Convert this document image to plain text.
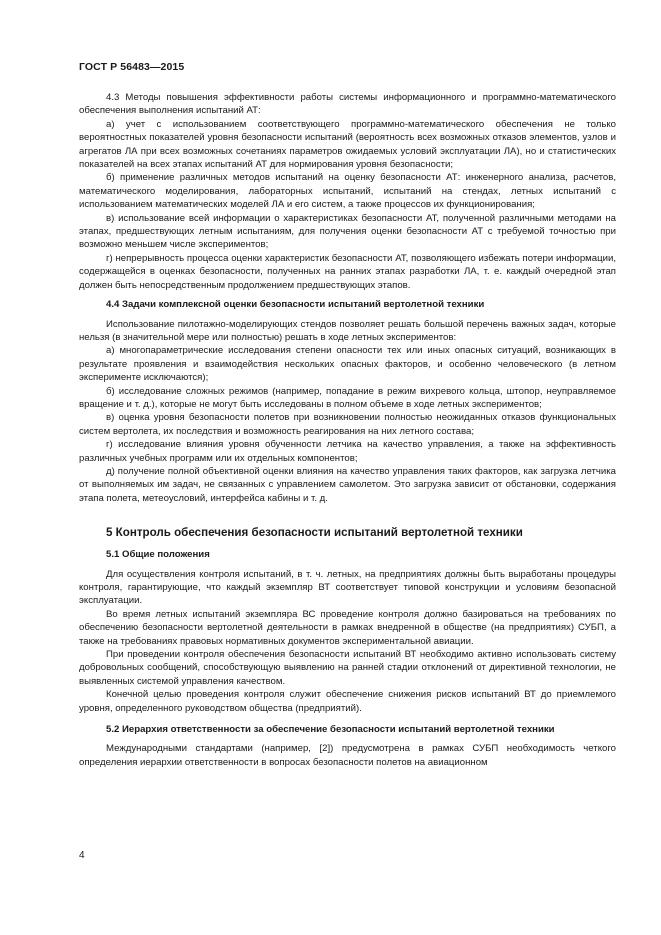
ГОСТ Р 56483—2015

4.3 Методы повышения эффективности работы системы информационного и программно-математического обеспечения выполнения испытаний АТ:

а) учет с использованием соответствующего программно-математического обеспечения не только вероятностных показателей уровня безопасности испытаний (вероятность всех возможных отказов элементов, узлов и агрегатов ЛА при всех возможных сочетаниях параметров ожидаемых условий эксплуатации ЛА), но и статистических показателей на всех этапах испытаний АТ для нормирования уровня безопасности;

б) применение различных методов испытаний на оценку безопасности АТ: инженерного анализа, расчетов, математического моделирования, лабораторных испытаний, испытаний на стендах, летных испытаний с использованием математических моделей ЛА и его систем, а также процессов их функционирования;

в) использование всей информации о характеристиках безопасности АТ, полученной различными методами на этапах, предшествующих летным испытаниям, для получения оценки безопасности АТ с требуемой точностью при возможно меньшем числе экспериментов;

г) непрерывность процесса оценки характеристик безопасности АТ, позволяющего избежать потери информации, содержащейся в оценках безопасности, полученных на ранних этапах разработки ЛА, т. е. каждый очередной этап должен быть непосредственным продолжением предшествующих этапов.

4.4 Задачи комплексной оценки безопасности испытаний вертолетной техники

Использование пилотажно-моделирующих стендов позволяет решать большой перечень важных задач, которые нельзя (в значительной мере или полностью) решать в ходе летных экспериментов:

а) многопараметрические исследования степени опасности тех или иных опасных ситуаций, возникающих в результате проявления и взаимодействия нескольких опасных факторов, и особенно человеческого (в летном эксперименте исключаются);

б) исследование сложных режимов (например, попадание в режим вихревого кольца, штопор, неуправляемое вращение и т. д.), которые не могут быть исследованы в полном объеме в ходе летных экспериментов;

в) оценка уровня безопасности полетов при возникновении полностью неожиданных отказов функциональных систем вертолета, их последствия и возможность реагирования на них летного состава;

г) исследование влияния уровня обученности летчика на качество управления, а также на эффективность различных учебных программ или их отдельных компонентов;

д) получение полной объективной оценки влияния на качество управления таких факторов, как загрузка летчика от выполняемых им задач, не связанных с управлением самолетом. Это загрузка зависит от обстановки, содержания этапа полета, метеоусловий, интерфейса кабины и т. д.

5 Контроль обеспечения безопасности испытаний вертолетной техники

5.1 Общие положения

Для осуществления контроля испытаний, в т. ч. летных, на предприятиях должны быть выработаны процедуры контроля, гарантирующие, что каждый экземпляр ВТ соответствует типовой конструкции и условиям безопасной эксплуатации.

Во время летных испытаний экземпляра ВС проведение контроля должно базироваться на требованиях по обеспечению безопасности вертолетной деятельности в рамках внедренной в обществе (на предприятиях) СУБП, а также на требованиях правовых нормативных документов экспериментальной авиации.

При проведении контроля обеспечения безопасности испытаний ВТ необходимо активно использовать систему добровольных сообщений, способствующую выявлению на ранней стадии отклонений от директивной технологии, не выявленных системой управления качеством.

Конечной целью проведения контроля служит обеспечение снижения рисков испытаний ВТ до приемлемого уровня, определенного руководством общества (предприятий).

5.2 Иерархия ответственности за обеспечение безопасности испытаний вертолетной техники

Международными стандартами (например, [2]) предусмотрена в рамках СУБП необходимость четкого определения иерархии ответственности в вопросах безопасности полетов на авиационном

4
